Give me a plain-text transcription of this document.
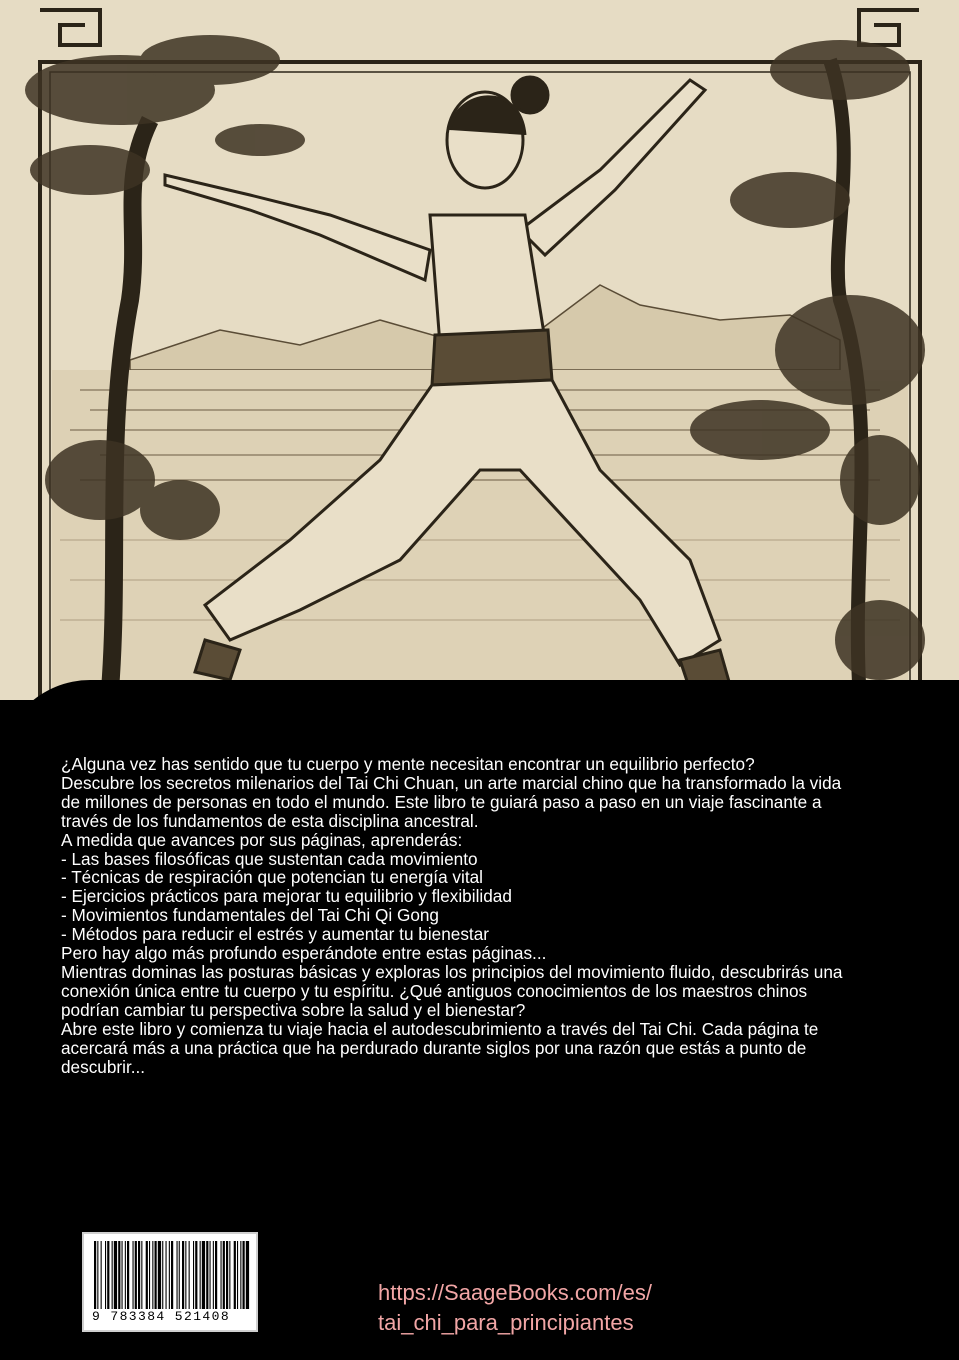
¿Alguna vez has sentido que tu cuerpo y mente necesitan encontrar un equilibrio perfecto?
Descubre los secretos milenarios del Tai Chi Chuan, un arte marcial chino que ha transformado la vida
de millones de personas en todo el mundo. Este libro te guiará paso a paso en un viaje fascinante a
través de los fundamentos de esta disciplina ancestral.
A medida que avances por sus páginas, aprenderás:
- Las bases filosóficas que sustentan cada movimiento
- Técnicas de respiración que potencian tu energía vital
- Ejercicios prácticos para mejorar tu equilibrio y flexibilidad
- Movimientos fundamentales del Tai Chi Qi Gong
- Métodos para reducir el estrés y aumentar tu bienestar
Pero hay algo más profundo esperándote entre estas páginas...
Mientras dominas las posturas básicas y exploras los principios del movimiento fluido, descubrirás una
conexión única entre tu cuerpo y tu espíritu. ¿Qué antiguos conocimientos de los maestros chinos
podrían cambiar tu perspectiva sobre la salud y el bienestar?
Abre este libro y comienza tu viaje hacia el autodescubrimiento a través del Tai Chi. Cada página te
acercará más a una práctica que ha perdurado durante siglos por una razón que estás a punto de
descubrir...
9 783384 521408
https://SaageBooks.com/es/
tai_chi_para_principiantes
